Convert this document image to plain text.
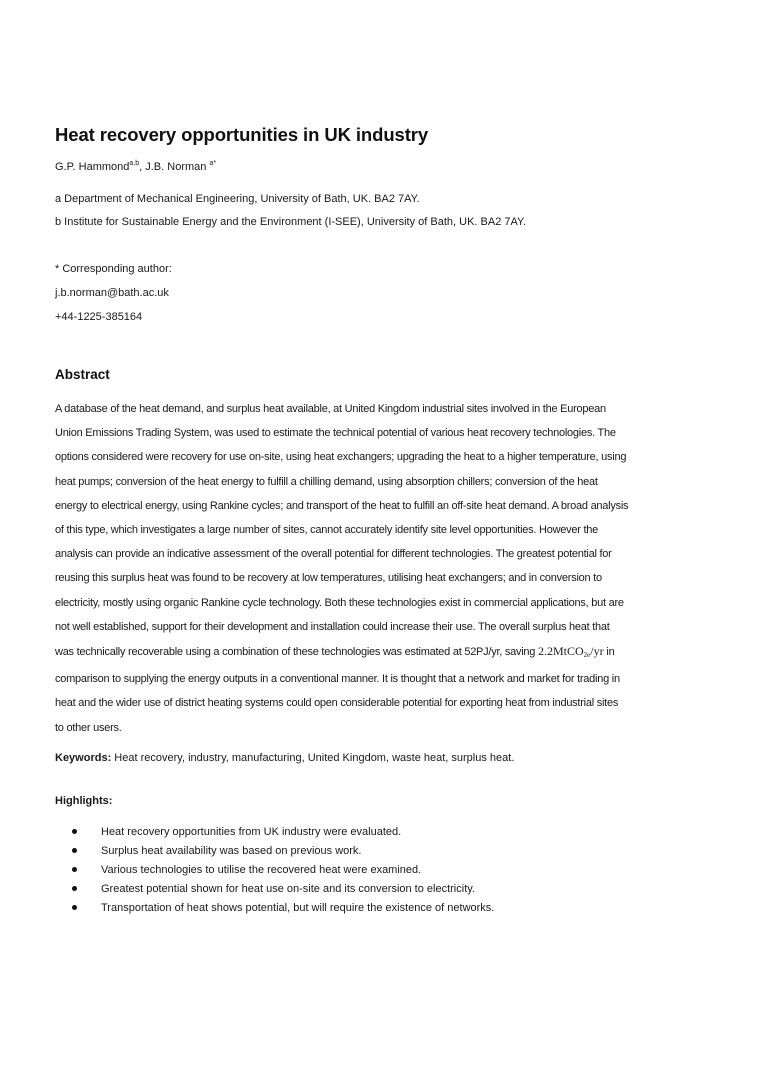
Heat recovery opportunities in UK industry
G.P. Hammond$^{a,b}$, J.B. Norman $^{a*}$
a Department of Mechanical Engineering, University of Bath, UK. BA2 7AY.
b Institute for Sustainable Energy and the Environment (I-SEE), University of Bath, UK. BA2 7AY.
* Corresponding author:
j.b.norman@bath.ac.uk
+44-1225-385164
Abstract
A database of the heat demand, and surplus heat available, at United Kingdom industrial sites involved in the European
Union Emissions Trading System, was used to estimate the technical potential of various heat recovery technologies. The
options considered were recovery for use on-site, using heat exchangers; upgrading the heat to a higher temperature, using
heat pumps; conversion of the heat energy to fulfill a chilling demand, using absorption chillers; conversion of the heat
energy to electrical energy, using Rankine cycles; and transport of the heat to fulfill an off-site heat demand. A broad analysis
of this type, which investigates a large number of sites, cannot accurately identify site level opportunities. However the
analysis can provide an indicative assessment of the overall potential for different technologies. The greatest potential for
reusing this surplus heat was found to be recovery at low temperatures, utilising heat exchangers; and in conversion to
electricity, mostly using organic Rankine cycle technology. Both these technologies exist in commercial applications, but are
not well established, support for their development and installation could increase their use. The overall surplus heat that
was technically recoverable using a combination of these technologies was estimated at 52PJ/yr, saving 2.2MtCO$_{2e}$/yr in
comparison to supplying the energy outputs in a conventional manner. It is thought that a network and market for trading in
heat and the wider use of district heating systems could open considerable potential for exporting heat from industrial sites
to other users.
Keywords: Heat recovery, industry, manufacturing, United Kingdom, waste heat, surplus heat.
Highlights:
Heat recovery opportunities from UK industry were evaluated.
Surplus heat availability was based on previous work.
Various technologies to utilise the recovered heat were examined.
Greatest potential shown for heat use on-site and its conversion to electricity.
Transportation of heat shows potential, but will require the existence of networks.
